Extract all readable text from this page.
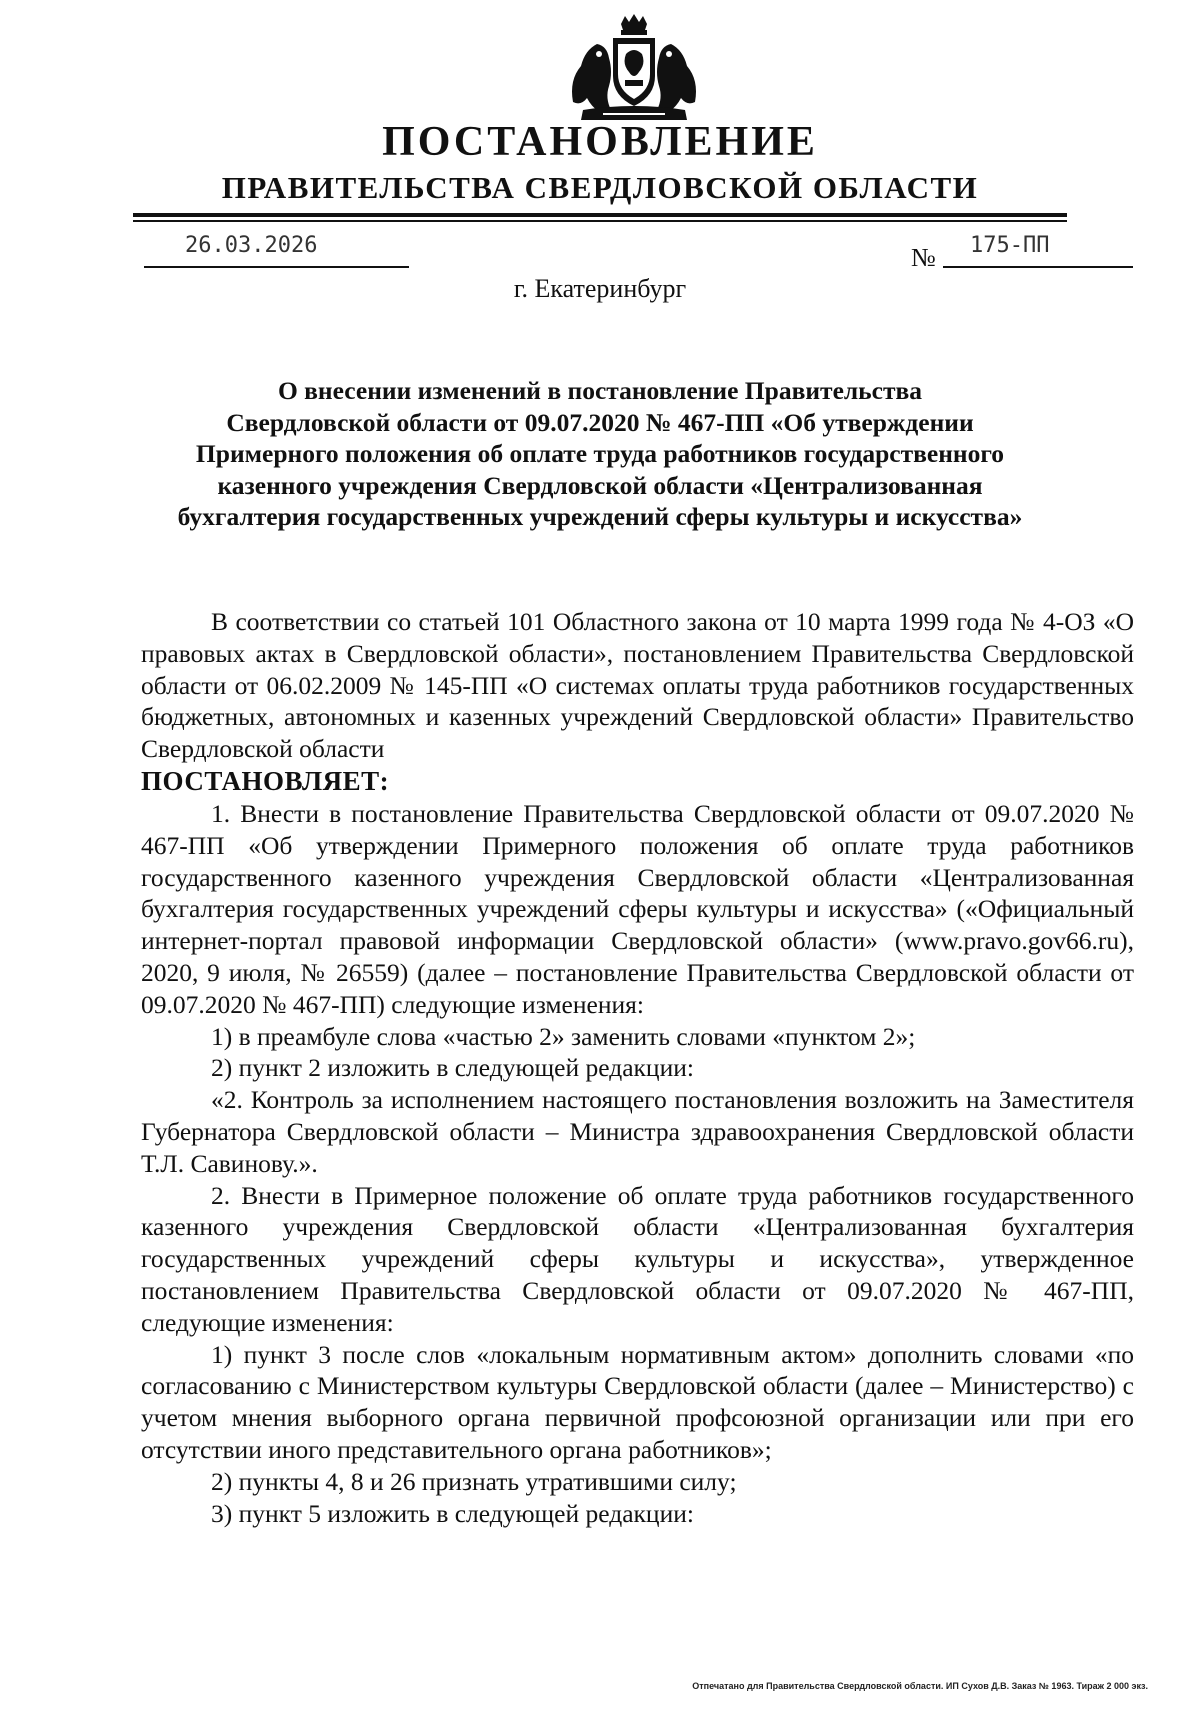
ПОСТАНОВЛЕНИЕ
ПРАВИТЕЛЬСТВА СВЕРДЛОВСКОЙ ОБЛАСТИ
26.03.2026	№ 175-ПП
г. Екатеринбург
О внесении изменений в постановление Правительства
Свердловской области от 09.07.2020 № 467-ПП «Об утверждении
Примерного положения об оплате труда работников государственного
казенного учреждения Свердловской области «Централизованная
бухгалтерия государственных учреждений сферы культуры и искусства»

В соответствии со статьей 101 Областного закона от 10 марта 1999 года № 4-ОЗ «О правовых актах в Свердловской области», постановлением Правительства Свердловской области от 06.02.2009 № 145-ПП «О системах оплаты труда работников государственных бюджетных, автономных и казенных учреждений Свердловской области» Правительство Свердловской области

ПОСТАНОВЛЯЕТ:

1. Внести в постановление Правительства Свердловской области от 09.07.2020 № 467-ПП «Об утверждении Примерного положения об оплате труда работников государственного казенного учреждения Свердловской области «Централизованная бухгалтерия государственных учреждений сферы культуры и искусства» («Официальный интернет-портал правовой информации Свердловской области» (www.pravo.gov66.ru), 2020, 9 июля, № 26559) (далее – постановление Правительства Свердловской области от 09.07.2020 № 467-ПП) следующие изменения:

1) в преамбуле слова «частью 2» заменить словами «пунктом 2»;

2) пункт 2 изложить в следующей редакции:

«2. Контроль за исполнением настоящего постановления возложить на Заместителя Губернатора Свердловской области – Министра здравоохранения Свердловской области Т.Л. Савинову.».

2. Внести в Примерное положение об оплате труда работников государственного казенного учреждения Свердловской области «Централизованная бухгалтерия государственных учреждений сферы культуры и искусства», утвержденное постановлением Правительства Свердловской области от 09.07.2020 № 467-ПП, следующие изменения:

1) пункт 3 после слов «локальным нормативным актом» дополнить словами «по согласованию с Министерством культуры Свердловской области (далее – Министерство) с учетом мнения выборного органа первичной профсоюзной организации или при его отсутствии иного представительного органа работников»;

2) пункты 4, 8 и 26 признать утратившими силу;

3) пункт 5 изложить в следующей редакции:

Отпечатано для Правительства Свердловской области. ИП Сухов Д.В. Заказ № 1963. Тираж 2 000 экз.
